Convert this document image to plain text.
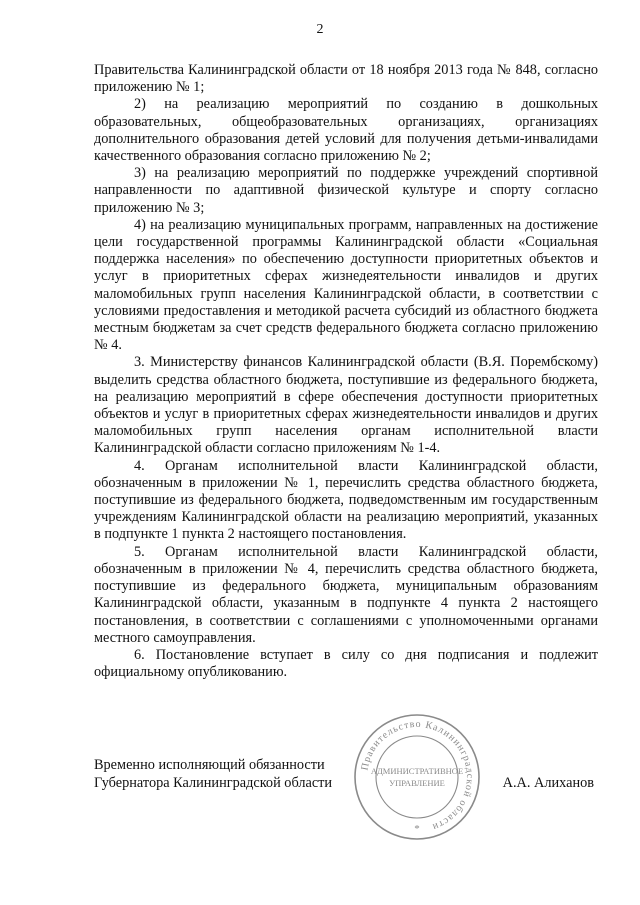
2

Правительства Калининградской области от 18 ноября 2013 года № 848, согласно приложению № 1;

2) на реализацию мероприятий по созданию в дошкольных образовательных, общеобразовательных организациях, организациях дополнительного образования детей условий для получения детьми-инвалидами качественного образования согласно приложению № 2;

3) на реализацию мероприятий по поддержке учреждений спортивной направленности по адаптивной физической культуре и спорту согласно приложению № 3;

4) на реализацию муниципальных программ, направленных на достижение цели государственной программы Калининградской области «Социальная поддержка населения» по обеспечению доступности приоритетных объектов и услуг в приоритетных сферах жизнедеятельности инвалидов и других маломобильных групп населения Калининградской области, в соответствии с условиями предоставления и методикой расчета субсидий из областного бюджета местным бюджетам за счет средств федерального бюджета согласно приложению № 4.

3. Министерству финансов Калининградской области (В.Я. Порембскому) выделить средства областного бюджета, поступившие из федерального бюджета, на реализацию мероприятий в сфере обеспечения доступности приоритетных объектов и услуг в приоритетных сферах жизнедеятельности инвалидов и других маломобильных групп населения органам исполнительной власти Калининградской области согласно приложениям № 1-4.

4. Органам исполнительной власти Калининградской области, обозначенным в приложении № 1, перечислить средства областного бюджета, поступившие из федерального бюджета, подведомственным им государственным учреждениям Калининградской области на реализацию мероприятий, указанных в подпункте 1 пункта 2 настоящего постановления.

5. Органам исполнительной власти Калининградской области, обозначенным в приложении № 4, перечислить средства областного бюджета, поступившие из федерального бюджета, муниципальным образованиям Калининградской области, указанным в подпункте 4 пункта 2 настоящего постановления, в соответствии с соглашениями с уполномоченными органами местного самоуправления.

6. Постановление вступает в силу со дня подписания и подлежит официальному опубликованию.

Временно исполняющий обязанности
Губернатора Калининградской области	А.А. Алиханов
Правительство Калининградской области
АДМИНИСТРАТИВНОЕ
УПРАВЛЕНИЕ
*
